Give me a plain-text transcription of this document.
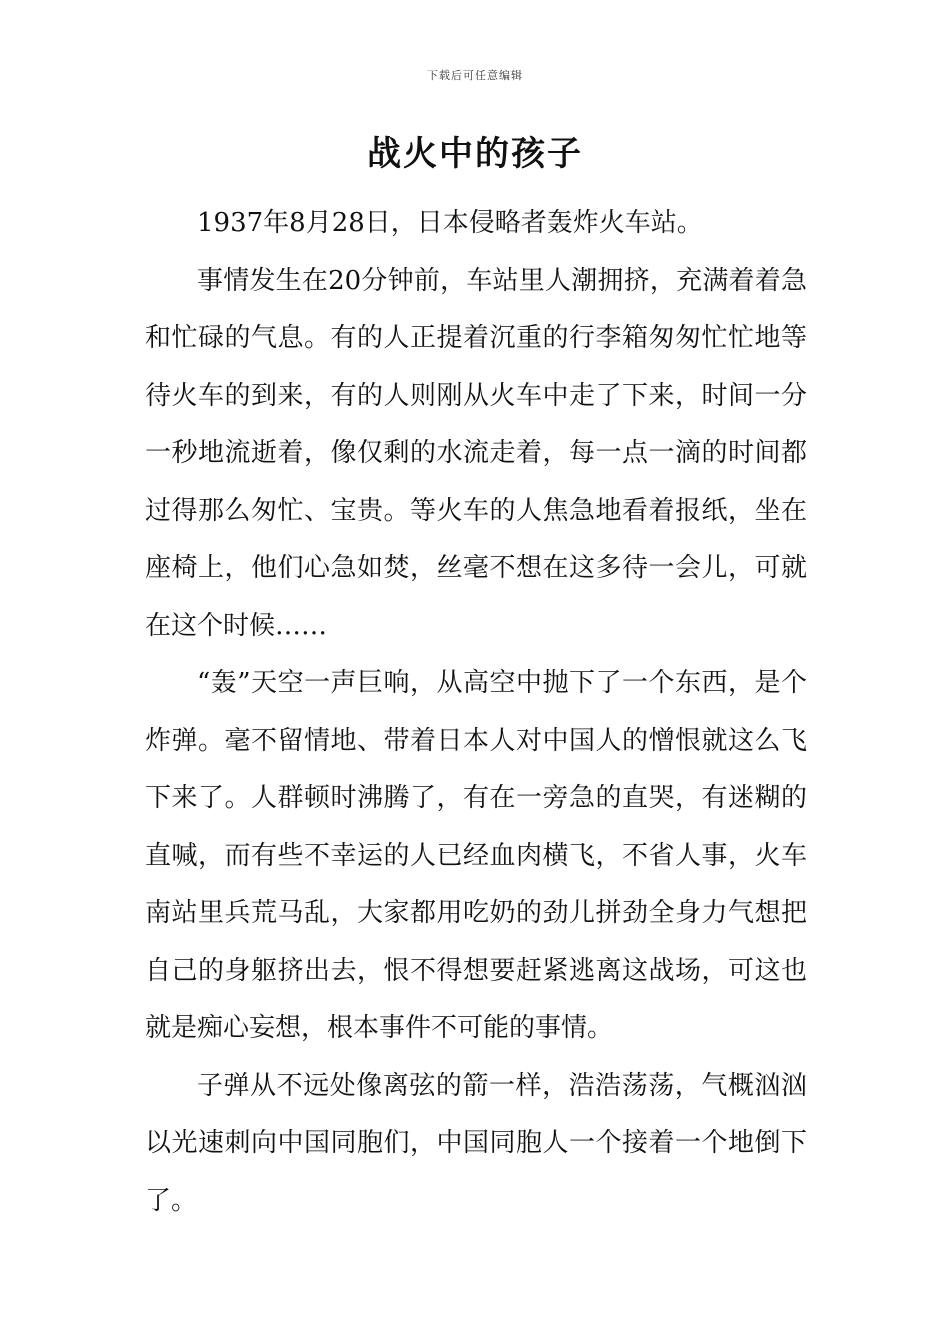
下载后可任意编辑
战火中的孩子

1937年8月28日，日本侵略者轰炸火车站。

事情发生在20分钟前，车站里人潮拥挤，充满着着急和忙碌的气息。有的人正提着沉重的行李箱匆匆忙忙地等待火车的到来，有的人则刚从火车中走了下来，时间一分一秒地流逝着，像仅剩的水流走着，每一点一滴的时间都过得那么匆忙、宝贵。等火车的人焦急地看着报纸，坐在座椅上，他们心急如焚，丝毫不想在这多待一会儿，可就在这个时候……

“轰”天空一声巨响，从高空中抛下了一个东西，是个炸弹。毫不留情地、带着日本人对中国人的憎恨就这么飞下来了。人群顿时沸腾了，有在一旁急的直哭，有迷糊的直喊，而有些不幸运的人已经血肉横飞，不省人事，火车南站里兵荒马乱，大家都用吃奶的劲儿拼劲全身力气想把自己的身躯挤出去，恨不得想要赶紧逃离这战场，可这也就是痴心妄想，根本事件不可能的事情。

子弹从不远处像离弦的箭一样，浩浩荡荡，气概汹汹以光速刺向中国同胞们，中国同胞人一个接着一个地倒下了。
